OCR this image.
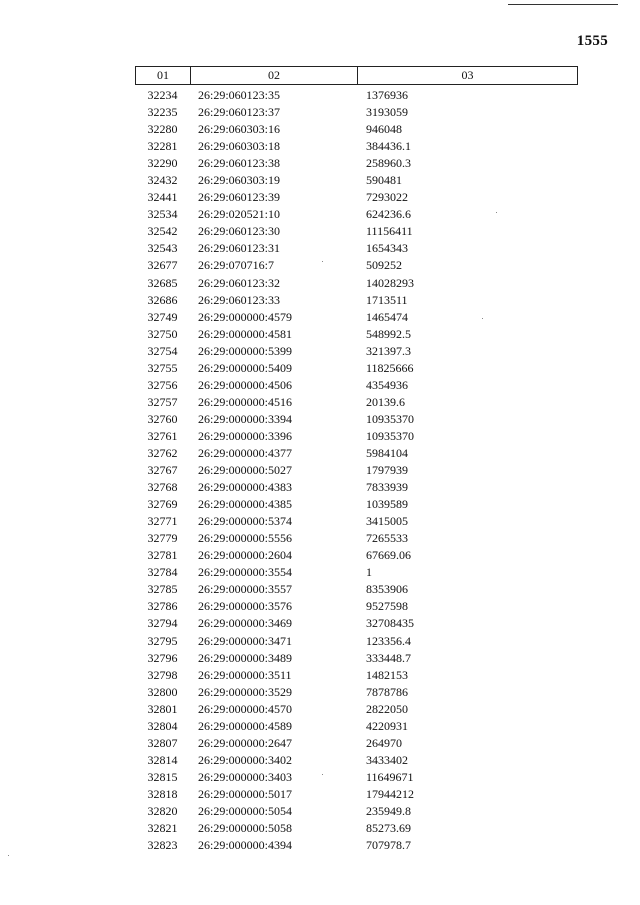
1555
01	02	03
32234	26:29:060123:35	1376936
32235	26:29:060123:37	3193059
32280	26:29:060303:16	946048
32281	26:29:060303:18	384436.1
32290	26:29:060123:38	258960.3
32432	26:29:060303:19	590481
32441	26:29:060123:39	7293022
32534	26:29:020521:10	624236.6
32542	26:29:060123:30	11156411
32543	26:29:060123:31	1654343
32677	26:29:070716:7	509252
32685	26:29:060123:32	14028293
32686	26:29:060123:33	1713511
32749	26:29:000000:4579	1465474
32750	26:29:000000:4581	548992.5
32754	26:29:000000:5399	321397.3
32755	26:29:000000:5409	11825666
32756	26:29:000000:4506	4354936
32757	26:29:000000:4516	20139.6
32760	26:29:000000:3394	10935370
32761	26:29:000000:3396	10935370
32762	26:29:000000:4377	5984104
32767	26:29:000000:5027	1797939
32768	26:29:000000:4383	7833939
32769	26:29:000000:4385	1039589
32771	26:29:000000:5374	3415005
32779	26:29:000000:5556	7265533
32781	26:29:000000:2604	67669.06
32784	26:29:000000:3554	1
32785	26:29:000000:3557	8353906
32786	26:29:000000:3576	9527598
32794	26:29:000000:3469	32708435
32795	26:29:000000:3471	123356.4
32796	26:29:000000:3489	333448.7
32798	26:29:000000:3511	1482153
32800	26:29:000000:3529	7878786
32801	26:29:000000:4570	2822050
32804	26:29:000000:4589	4220931
32807	26:29:000000:2647	264970
32814	26:29:000000:3402	3433402
32815	26:29:000000:3403	11649671
32818	26:29:000000:5017	17944212
32820	26:29:000000:5054	235949.8
32821	26:29:000000:5058	85273.69
32823	26:29:000000:4394	707978.7
